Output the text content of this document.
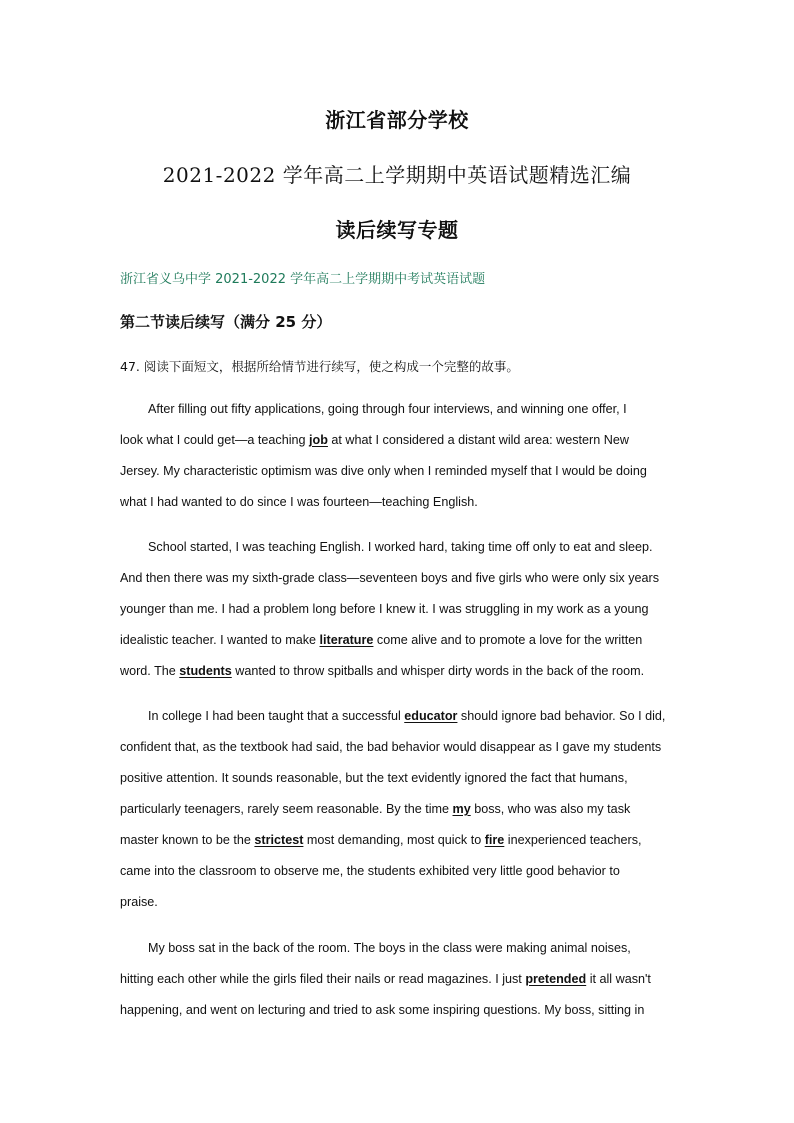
浙江省部分学校
2021-2022 学年高二上学期期中英语试题精选汇编
读后续写专题
浙江省义乌中学 2021-2022 学年高二上学期期中考试英语试题
第二节读后续写（满分 25 分）
47. 阅读下面短文，根据所给情节进行续写，使之构成一个完整的故事。
After filling out fifty applications, going through four interviews, and winning one offer, I
look what I could get—a teaching job at what I considered a distant wild area: western New
Jersey. My characteristic optimism was dive only when I reminded myself that I would be doing
what I had wanted to do since I was fourteen—teaching English.
School started, I was teaching English. I worked hard, taking time off only to eat and sleep.
And then there was my sixth-grade class—seventeen boys and five girls who were only six years
younger than me. I had a problem long before I knew it. I was struggling in my work as a young
idealistic teacher. I wanted to make literature come alive and to promote a love for the written
word. The students wanted to throw spitballs and whisper dirty words in the back of the room.
In college I had been taught that a successful educator should ignore bad behavior. So I did,
confident that, as the textbook had said, the bad behavior would disappear as I gave my students
positive attention. It sounds reasonable, but the text evidently ignored the fact that humans,
particularly teenagers, rarely seem reasonable. By the time my boss, who was also my task
master known to be the strictest most demanding, most quick to fire inexperienced teachers,
came into the classroom to observe me, the students exhibited very little good behavior to
praise.
My boss sat in the back of the room. The boys in the class were making animal noises,
hitting each other while the girls filed their nails or read magazines. I just pretended it all wasn't
happening, and went on lecturing and tried to ask some inspiring questions. My boss, sitting in
